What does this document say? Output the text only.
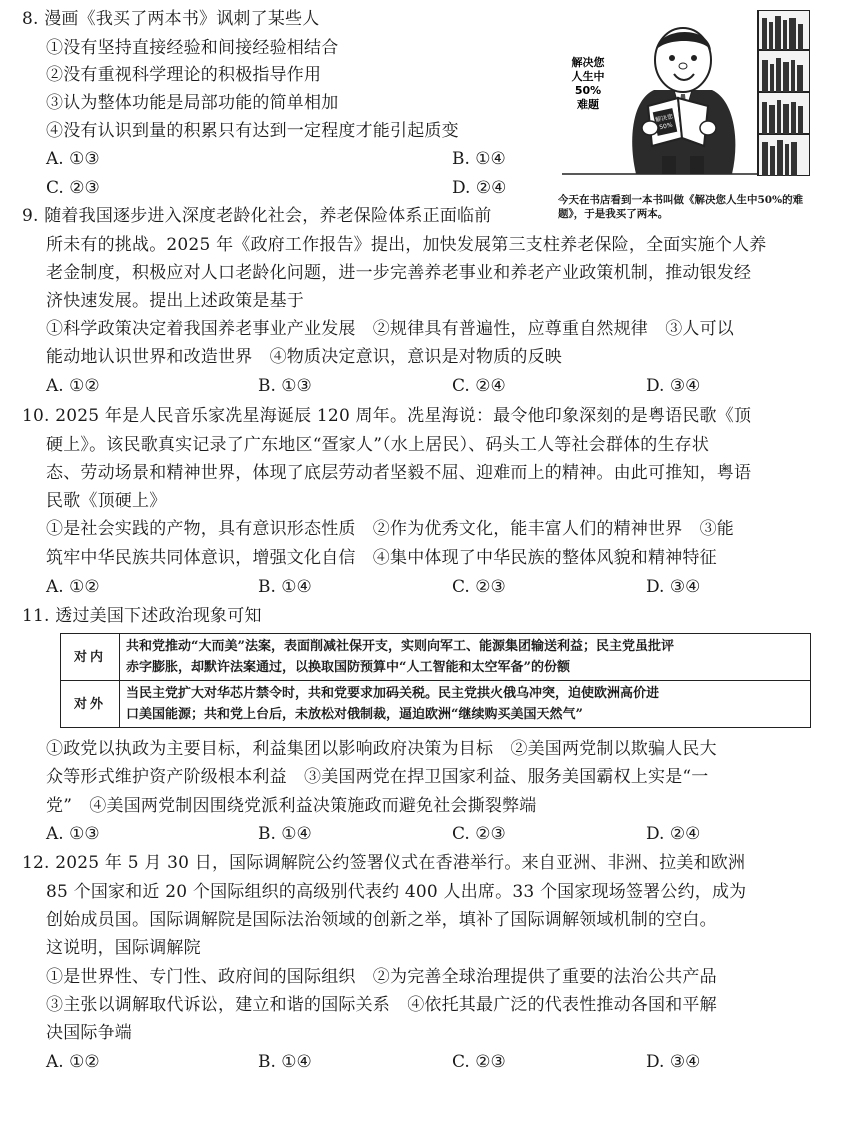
8. 漫画《我买了两本书》讽刺了某些人
①没有坚持直接经验和间接经验相结合
②没有重视科学理论的积极指导作用
③认为整体功能是局部功能的简单相加
④没有认识到量的积累只有达到一定程度才能引起质变
A. ①③	B. ①④
C. ②③	D. ②④
解决您
人生中
50%
难题
解决您
50%
今天在书店看到一本书叫做《解决您人生中50%的难题》，于是我买了两本。
9. 随着我国逐步进入深度老龄化社会，养老保险体系正面临前
所未有的挑战。2025 年《政府工作报告》提出，加快发展第三支柱养老保险，全面实施个人养
老金制度，积极应对人口老龄化问题，进一步完善养老事业和养老产业政策机制，推动银发经
济快速发展。提出上述政策是基于
①科学政策决定着我国养老事业产业发展　②规律具有普遍性，应尊重自然规律　③人可以
能动地认识世界和改造世界　④物质决定意识，意识是对物质的反映
A. ①②	B. ①③	C. ②④	D. ③④
10. 2025 年是人民音乐家冼星海诞辰 120 周年。冼星海说：最令他印象深刻的是粤语民歌《顶
硬上》。该民歌真实记录了广东地区“疍家人”（水上居民）、码头工人等社会群体的生存状
态、劳动场景和精神世界，体现了底层劳动者坚毅不屈、迎难而上的精神。由此可推知，粤语
民歌《顶硬上》
①是社会实践的产物，具有意识形态性质　②作为优秀文化，能丰富人们的精神世界　③能
筑牢中华民族共同体意识，增强文化自信　④集中体现了中华民族的整体风貌和精神特征
A. ①②	B. ①④	C. ②③	D. ③④
11. 透过美国下述政治现象可知
对内	共和党推动“大而美”法案，表面削减社保开支，实则向军工、能源集团输送利益；民主党虽批评
赤字膨胀，却默许法案通过，以换取国防预算中“人工智能和太空军备”的份额

对外	当民主党扩大对华芯片禁令时，共和党要求加码关税。民主党拱火俄乌冲突，迫使欧洲高价进
口美国能源；共和党上台后，未放松对俄制裁，逼迫欧洲“继续购买美国天然气”
①政党以执政为主要目标，利益集团以影响政府决策为目标　②美国两党制以欺骗人民大
众等形式维护资产阶级根本利益　③美国两党在捍卫国家利益、服务美国霸权上实是“一
党”　④美国两党制因围绕党派利益决策施政而避免社会撕裂弊端
A. ①③	B. ①④	C. ②③	D. ②④
12. 2025 年 5 月 30 日，国际调解院公约签署仪式在香港举行。来自亚洲、非洲、拉美和欧洲
85 个国家和近 20 个国际组织的高级别代表约 400 人出席。33 个国家现场签署公约，成为
创始成员国。国际调解院是国际法治领域的创新之举，填补了国际调解领域机制的空白。
这说明，国际调解院
①是世界性、专门性、政府间的国际组织　②为完善全球治理提供了重要的法治公共产品
③主张以调解取代诉讼，建立和谐的国际关系　④依托其最广泛的代表性推动各国和平解
决国际争端
A. ①②	B. ①④	C. ②③	D. ③④
